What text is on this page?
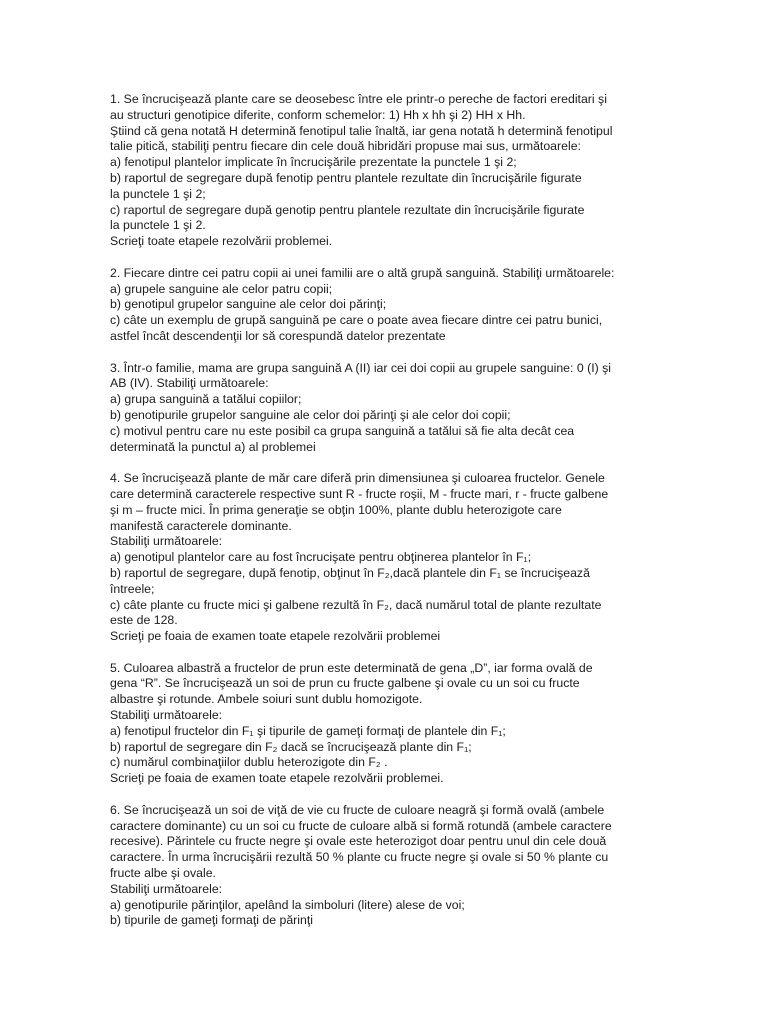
1. Se încrucişează plante care se deosebesc între ele printr-o pereche de factori ereditari şi
au structuri genotipice diferite, conform schemelor: 1) Hh x hh şi 2) HH x Hh.
Ştiind că gena notată H determină fenotipul talie înaltă, iar gena notată h determină fenotipul
talie pitică, stabiliţi pentru fiecare din cele două hibridări propuse mai sus, următoarele:
a) fenotipul plantelor implicate în încrucişările prezentate la punctele 1 şi 2;
b) raportul de segregare după fenotip pentru plantele rezultate din încrucişările figurate
la punctele 1 şi 2;
c) raportul de segregare după genotip pentru plantele rezultate din încrucişările figurate
la punctele 1 şi 2.
Scrieţi toate etapele rezolvării problemei.
2. Fiecare dintre cei patru copii ai unei familii are o altă grupă sanguină. Stabiliţi următoarele:
a) grupele sanguine ale celor patru copii;
b) genotipul grupelor sanguine ale celor doi părinţi;
c) câte un exemplu de grupă sanguină pe care o poate avea fiecare dintre cei patru bunici,
astfel încât descendenţii lor să corespundă datelor prezentate
3. Într-o familie, mama are grupa sanguină A (II) iar cei doi copii au grupele sanguine: 0 (I) şi
AB (IV). Stabiliţi următoarele:
a) grupa sanguină a tatălui copiilor;
b) genotipurile grupelor sanguine ale celor doi părinţi şi ale celor doi copii;
c) motivul pentru care nu este posibil ca grupa sanguină a tatălui să fie alta decât cea
determinată la punctul a) al problemei
4. Se încrucişează plante de măr care diferă prin dimensiunea şi culoarea fructelor. Genele
care determină caracterele respective sunt R - fructe roşii, M - fructe mari, r - fructe galbene
şi m – fructe mici. În prima generaţie se obţin 100%, plante dublu heterozigote care
manifestă caracterele dominante.
Stabiliţi următoarele:
a) genotipul plantelor care au fost încrucişate pentru obţinerea plantelor în F₁;
b) raportul de segregare, după fenotip, obţinut în F₂,dacă plantele din F₁ se încrucişează
întreele;
c) câte plante cu fructe mici şi galbene rezultă în F₂, dacă numărul total de plante rezultate
este de 128.
Scrieţi pe foaia de examen toate etapele rezolvării problemei
5. Culoarea albastră a fructelor de prun este determinată de gena „D”, iar forma ovală de
gena “R”. Se încrucişează un soi de prun cu fructe galbene şi ovale cu un soi cu fructe
albastre şi rotunde. Ambele soiuri sunt dublu homozigote.
Stabiliţi următoarele:
a) fenotipul fructelor din F₁ şi tipurile de gameţi formaţi de plantele din F₁;
b) raportul de segregare din F₂ dacă se încrucişează plante din F₁;
c) numărul combinaţiilor dublu heterozigote din F₂ .
Scrieţi pe foaia de examen toate etapele rezolvării problemei.
6. Se încrucişează un soi de viţă de vie cu fructe de culoare neagră şi formă ovală (ambele
caractere dominante) cu un soi cu fructe de culoare albă si formă rotundă (ambele caractere
recesive). Părintele cu fructe negre şi ovale este heterozigot doar pentru unul din cele două
caractere. În urma încrucişării rezultă 50 % plante cu fructe negre şi ovale si 50 % plante cu
fructe albe şi ovale.
Stabiliţi următoarele:
a) genotipurile părinţilor, apelând la simboluri (litere) alese de voi;
b) tipurile de gameţi formaţi de părinţi
